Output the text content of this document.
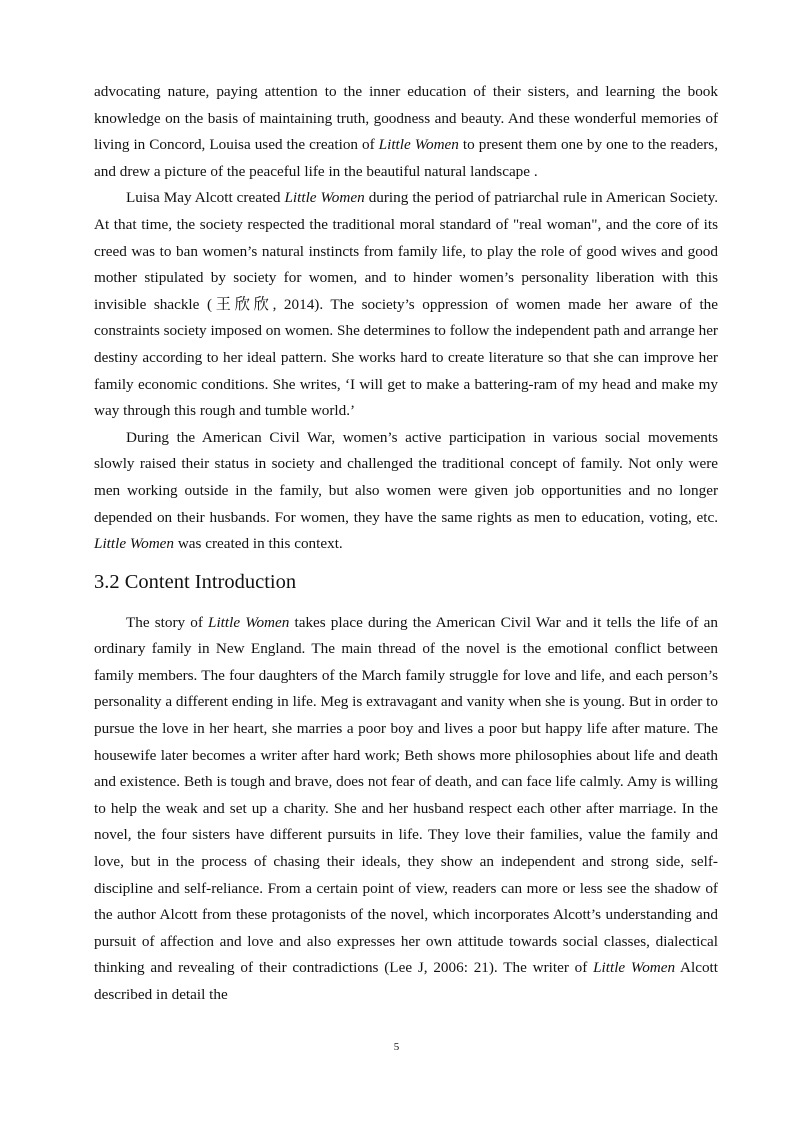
advocating nature, paying attention to the inner education of their sisters, and learning the book knowledge on the basis of maintaining truth, goodness and beauty. And these wonderful memories of living in Concord, Louisa used the creation of Little Women to present them one by one to the readers, and drew a picture of the peaceful life in the beautiful natural landscape .

Luisa May Alcott created Little Women during the period of patriarchal rule in American Society. At that time, the society respected the traditional moral standard of "real woman", and the core of its creed was to ban women’s natural instincts from family life, to play the role of good wives and good mother stipulated by society for women, and to hinder women’s personality liberation with this invisible shackle (王欣欣, 2014). The society’s oppression of women made her aware of the constraints society imposed on women. She determines to follow the independent path and arrange her destiny according to her ideal pattern. She works hard to create literature so that she can improve her family economic conditions. She writes, ‘I will get to make a battering-ram of my head and make my way through this rough and tumble world.’

During the American Civil War, women’s active participation in various social movements slowly raised their status in society and challenged the traditional concept of family. Not only were men working outside in the family, but also women were given job opportunities and no longer depended on their husbands. For women, they have the same rights as men to education, voting, etc. Little Women was created in this context.

3.2 Content Introduction

The story of Little Women takes place during the American Civil War and it tells the life of an ordinary family in New England. The main thread of the novel is the emotional conflict between family members. The four daughters of the March family struggle for love and life, and each person’s personality a different ending in life. Meg is extravagant and vanity when she is young. But in order to pursue the love in her heart, she marries a poor boy and lives a poor but happy life after mature. The housewife later becomes a writer after hard work; Beth shows more philosophies about life and death and existence. Beth is tough and brave, does not fear of death, and can face life calmly. Amy is willing to help the weak and set up a charity. She and her husband respect each other after marriage. In the novel, the four sisters have different pursuits in life. They love their families, value the family and love, but in the process of chasing their ideals, they show an independent and strong side, self-discipline and self-reliance. From a certain point of view, readers can more or less see the shadow of the author Alcott from these protagonists of the novel, which incorporates Alcott’s understanding and pursuit of affection and love and also expresses her own attitude towards social classes, dialectical thinking and revealing of their contradictions (Lee J, 2006: 21). The writer of Little Women Alcott described in detail the

5
